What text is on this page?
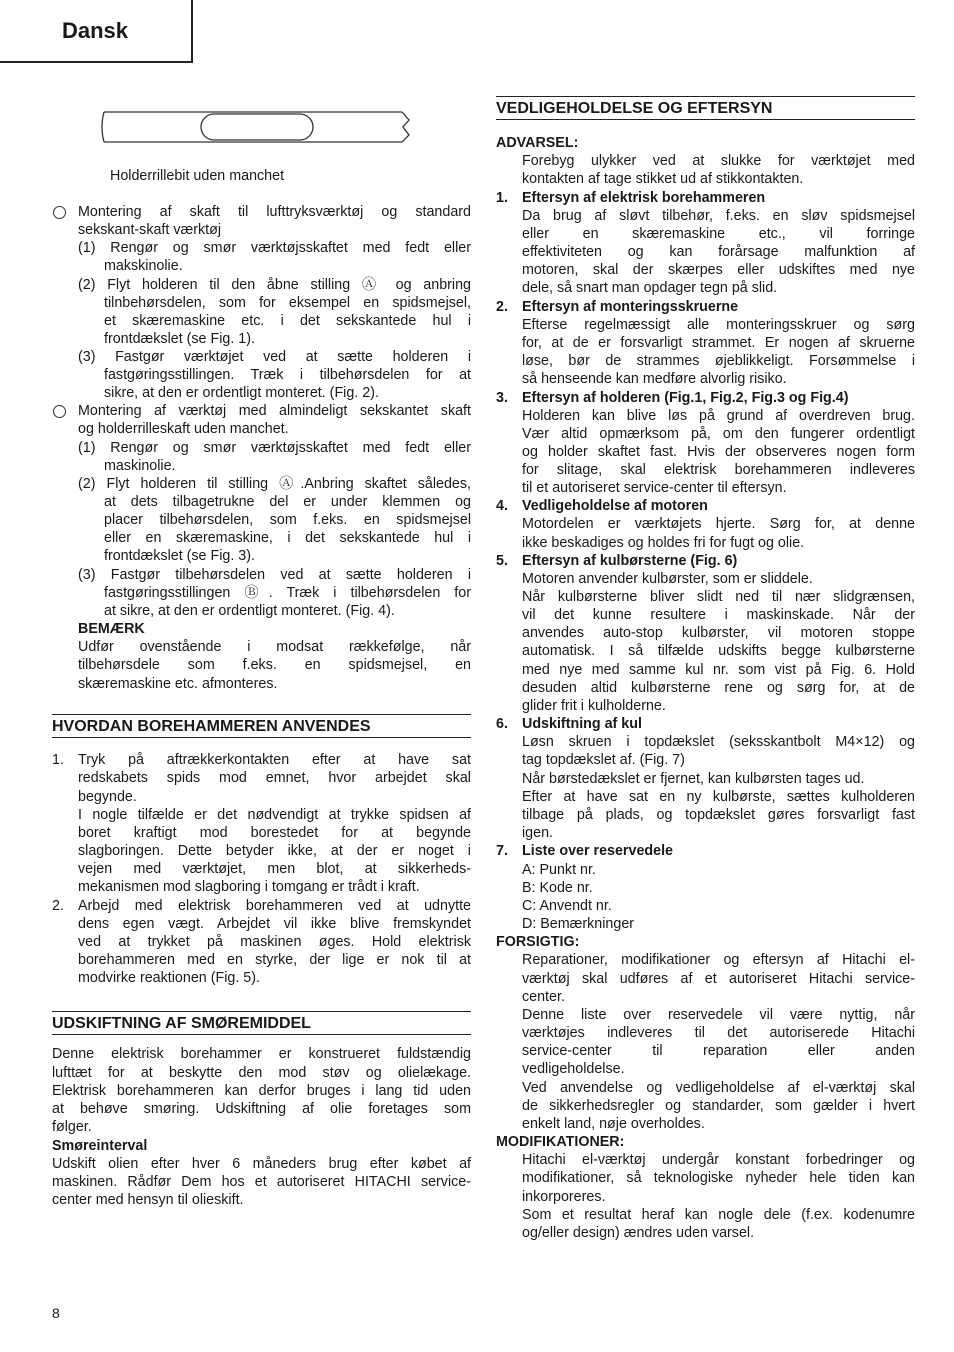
Dansk
Holderrillebit uden manchet
HVORDAN BOREHAMMEREN ANVENDES
UDSKIFTNING AF SMØREMIDDEL
Montering af skaft til lufttryksværktøj og standard
sekskant-skaft værktøj
(1) Rengør og smør værktøjsskaftet med fedt eller
makskinolie.
(2) Flyt holderen til den åbne stilling Ⓐ og anbring
tilnbehørsdelen, som for eksempel en spidsmejsel,
et skæremaskine etc. i det sekskantede hul i
frontdækslet (se Fig. 1).
(3) Fastgør værktøjet ved at sætte holderen i
fastgøringsstillingen. Træk i tilbehørsdelen for at
sikre, at den er ordentligt monteret. (Fig. 2).
Montering af værktøj med almindeligt sekskantet skaft
og holderrilleskaft uden manchet.
(1) Rengør og smør værktøjsskaftet med fedt eller
maskinolie.
(2) Flyt holderen til stilling Ⓐ.Anbring skaftet således,
at dets tilbagetrukne del er under klemmen og
placer tilbehørsdelen, som f.eks. en spidsmejsel
eller en skæremaskine, i det sekskantede hul i
frontdækslet (se Fig. 3).
(3) Fastgør tilbehørsdelen ved at sætte holderen i
fastgøringsstillingen Ⓑ. Træk i tilbehørsdelen for
at sikre, at den er ordentligt monteret. (Fig. 4).
BEMÆRK
Udfør ovenstående i modsat rækkefølge, når
tilbehørsdele som f.eks. en spidsmejsel, en
skæremaskine etc. afmonteres.
1. Tryk på aftrækkerkontakten efter at have sat
redskabets spids mod emnet, hvor arbejdet skal
begynde.
I nogle tilfælde er det nødvendigt at trykke spidsen af
boret kraftigt mod borestedet for at begynde
slagboringen. Dette betyder ikke, at der er noget i
vejen med værktøjet, men blot, at sikkerheds-
mekanismen mod slagboring i tomgang er trådt i kraft.
2. Arbejd med elektrisk borehammeren ved at udnytte
dens egen vægt. Arbejdet vil ikke blive fremskyndet
ved at trykket på maskinen øges. Hold elektrisk
borehammeren med en styrke, der lige er nok til at
modvirke reaktionen (Fig. 5).
Denne elektrisk borehammer er konstrueret fuldstændig
lufttæt for at beskytte den mod støv og olielækage.
Elektrisk borehammeren kan derfor bruges i lang tid uden
at behøve smøring. Udskiftning af olie foretages som
følger.
Smøreinterval
Udskift olien efter hver 6 måneders brug efter købet af
maskinen. Rådfør Dem hos et autoriseret HITACHI service-
center med hensyn til olieskift.
VEDLIGEHOLDELSE OG EFTERSYN
ADVARSEL:
Forebyg ulykker ved at slukke for værktøjet med
kontakten af tage stikket ud af stikkontakten.
1. Eftersyn af elektrisk borehammeren
Da brug af sløvt tilbehør, f.eks. en sløv spidsmejsel
eller en skæremaskine etc., vil forringe
effektiviteten og kan forårsage malfunktion af
motoren, skal der skærpes eller udskiftes med nye
dele, så snart man opdager tegn på slid.
2. Eftersyn af monteringsskruerne
Efterse regelmæssigt alle monteringsskruer og sørg
for, at de er forsvarligt strammet. Er nogen af skruerne
løse, bør de strammes øjeblikkeligt. Forsømmelse i
så henseende kan medføre alvorlig risiko.
3. Eftersyn af holderen (Fig.1, Fig.2, Fig.3 og Fig.4)
Holderen kan blive løs på grund af overdreven brug.
Vær altid opmærksom på, om den fungerer ordentligt
og holder skaftet fast. Hvis der observeres nogen form
for slitage, skal elektrisk borehammeren indleveres
til et autoriseret service-center til eftersyn.
4. Vedligeholdelse af motoren
Motordelen er værktøjets hjerte. Sørg for, at denne
ikke beskadiges og holdes fri for fugt og olie.
5. Eftersyn af kulbørsterne (Fig. 6)
Motoren anvender kulbørster, som er sliddele.
Når kulbørsterne bliver slidt ned til nær slidgrænsen,
vil det kunne resultere i maskinskade. Når der
anvendes auto-stop kulbørster, vil motoren stoppe
automatisk. I så tilfælde udskifts begge kulbørsterne
med nye med samme kul nr. som vist på Fig. 6. Hold
desuden altid kulbørsterne rene og sørg for, at de
glider frit i kulholderne.
6. Udskiftning af kul
Løsn skruen i topdækslet (seksskantbolt M4×12) og
tag topdækslet af. (Fig. 7)
Når børstedækslet er fjernet, kan kulbørsten tages ud.
Efter at have sat en ny kulbørste, sættes kulholderen
tilbage på plads, og topdækslet gøres forsvarligt fast
igen.
7. Liste over reservedele
A: Punkt nr.
B: Kode nr.
C: Anvendt nr.
D: Bemærkninger
FORSIGTIG:
Reparationer, modifikationer og eftersyn af Hitachi el-
værktøj skal udføres af et autoriseret Hitachi service-
center.
Denne liste over reservedele vil være nyttig, når
værktøjes indleveres til det autoriserede Hitachi
service-center til reparation eller anden
vedligeholdelse.
Ved anvendelse og vedligeholdelse af el-værktøj skal
de sikkerhedsregler og standarder, som gælder i hvert
enkelt land, nøje overholdes.
MODIFIKATIONER:
Hitachi el-værktøj undergår konstant forbedringer og
modifikationer, så teknologiske nyheder hele tiden kan
inkorporeres.
Som et resultat heraf kan nogle dele (f.ex. kodenumre
og/eller design) ændres uden varsel.
8
